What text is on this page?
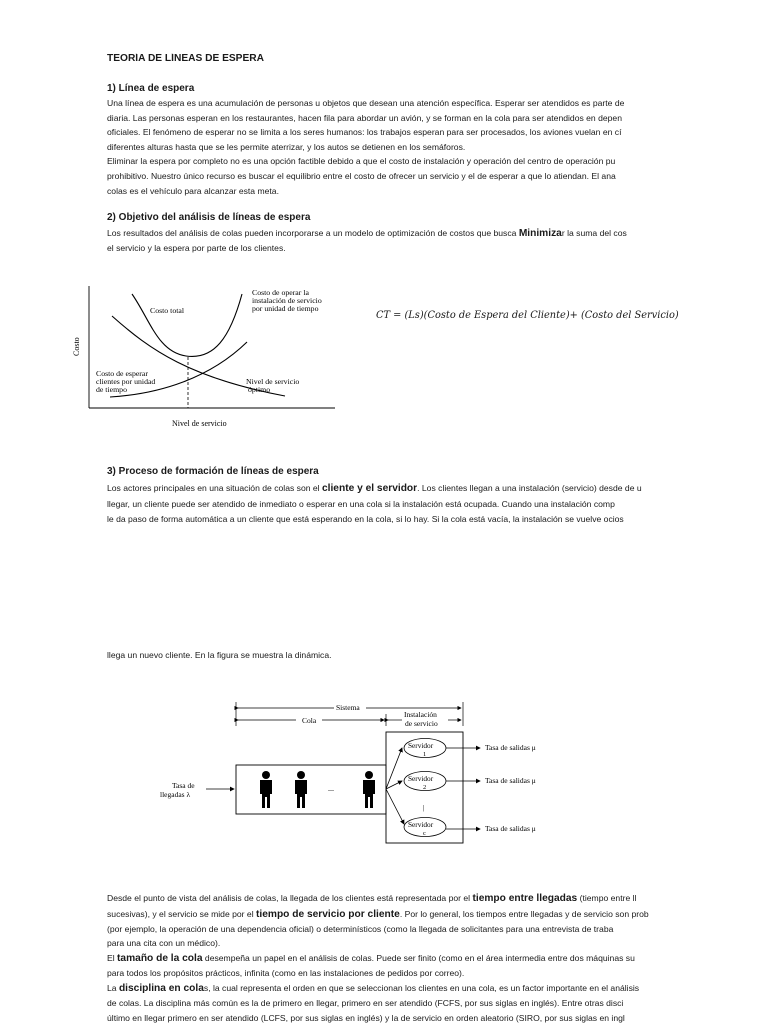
TEORÍA DE LÍNEAS DE ESPERA
1) Línea de espera
Una línea de espera es una acumulación de personas u objetos que desean una atención específica. Esperar ser atendidos es parte de
diaria. Las personas esperan en los restaurantes, hacen fila para abordar un avión, y se forman en la cola para ser atendidos en depen
oficiales. El fenómeno de esperar no se limita a los seres humanos: los trabajos esperan para ser procesados, los aviones vuelan en cí
diferentes alturas hasta que se les permite aterrizar, y los autos se detienen en los semáforos.
Eliminar la espera por completo no es una opción factible debido a que el costo de instalación y operación del centro de operación pu
prohibitivo. Nuestro único recurso es buscar el equilibrio entre el costo de ofrecer un servicio y el de esperar a que lo atiendan. El ana
colas es el vehículo para alcanzar esta meta.
2) Objetivo del análisis de líneas de espera
Los resultados del análisis de colas pueden incorporarse a un modelo de optimización de costos que busca Minimizar la suma del cos
el servicio y la espera por parte de los clientes.
Costo
Nivel de servicio
Costo total
Costo de operar la
instalación de servicio
por unidad de tiempo
Costo de esperar
clientes por unidad
de tiempo
Nivel de servicio
óptimo
CT = (Ls)(Costo de Espera del Cliente)+ (Costo del Servicio)
3) Proceso de formación de líneas de espera
Los actores principales en una situación de colas son el cliente y el servidor. Los clientes llegan a una instalación (servicio) desde de u
llegar, un cliente puede ser atendido de inmediato o esperar en una cola si la instalación está ocupada. Cuando una instalación comp
le da paso de forma automática a un cliente que está esperando en la cola, si lo hay. Si la cola está vacía, la instalación se vuelve ocios
llega un nuevo cliente. En la figura se muestra la dinámica.
Sistema
Cola
Instalación
de servicio
Tasa de
llegadas λ
...
Servidor
1
Servidor
2
|
Servidor
c
Tasa de salidas μ
Tasa de salidas μ
Tasa de salidas μ
Desde el punto de vista del análisis de colas, la llegada de los clientes está representada por el tiempo entre llegadas (tiempo entre ll
sucesivas), y el servicio se mide por el tiempo de servicio por cliente. Por lo general, los tiempos entre llegadas y de servicio son prob
(por ejemplo, la operación de una dependencia oficial) o determinísticos (como la llegada de solicitantes para una entrevista de traba
para una cita con un médico).
El tamaño de la cola desempeña un papel en el análisis de colas. Puede ser finito (como en el área intermedia entre dos máquinas su
para todos los propósitos prácticos, infinita (como en las instalaciones de pedidos por correo).
La disciplina en colas, la cual representa el orden en que se seleccionan los clientes en una cola, es un factor importante en el análisis
de colas. La disciplina más común es la de primero en llegar, primero en ser atendido (FCFS, por sus siglas en inglés). Entre otras disci
último en llegar primero en ser atendido (LCFS, por sus siglas en inglés) y la de servicio en orden aleatorio (SIRO, por sus siglas en ingl
